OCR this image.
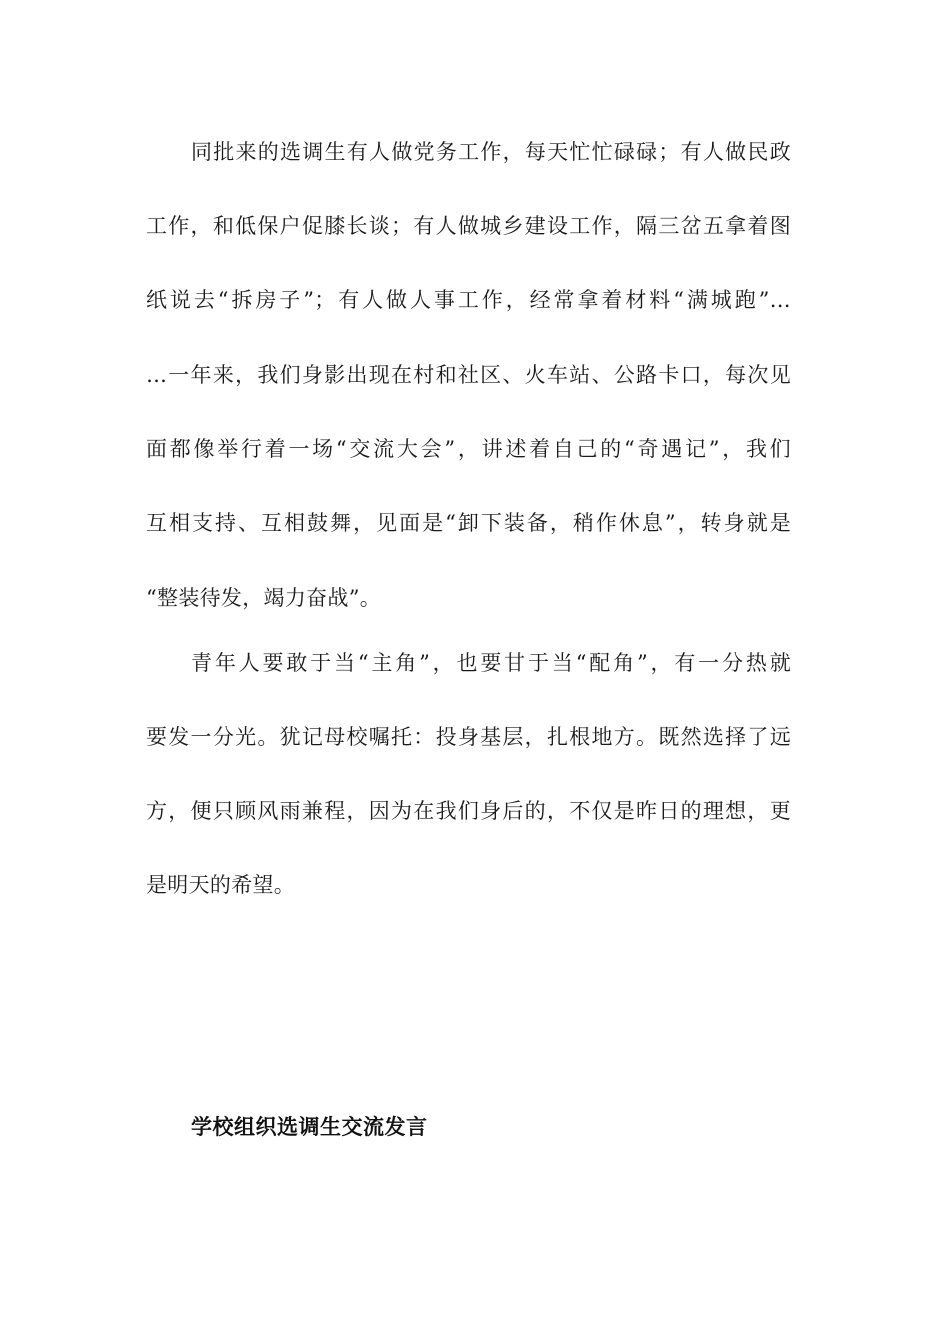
同批来的选调生有人做党务工作，每天忙忙碌碌；有人做民政
工作，和低保户促膝长谈；有人做城乡建设工作，隔三岔五拿着图
纸说去“拆房子”；有人做人事工作，经常拿着材料“满城跑”…
…一年来，我们身影出现在村和社区、火车站、公路卡口，每次见
面都像举行着一场“交流大会”，讲述着自己的“奇遇记”，我们
互相支持、互相鼓舞，见面是“卸下装备，稍作休息”，转身就是
“整装待发，竭力奋战”。
青年人要敢于当“主角”，也要甘于当“配角”，有一分热就
要发一分光。犹记母校嘱托：投身基层，扎根地方。既然选择了远
方，便只顾风雨兼程，因为在我们身后的，不仅是昨日的理想，更
是明天的希望。
学校组织选调生交流发言
